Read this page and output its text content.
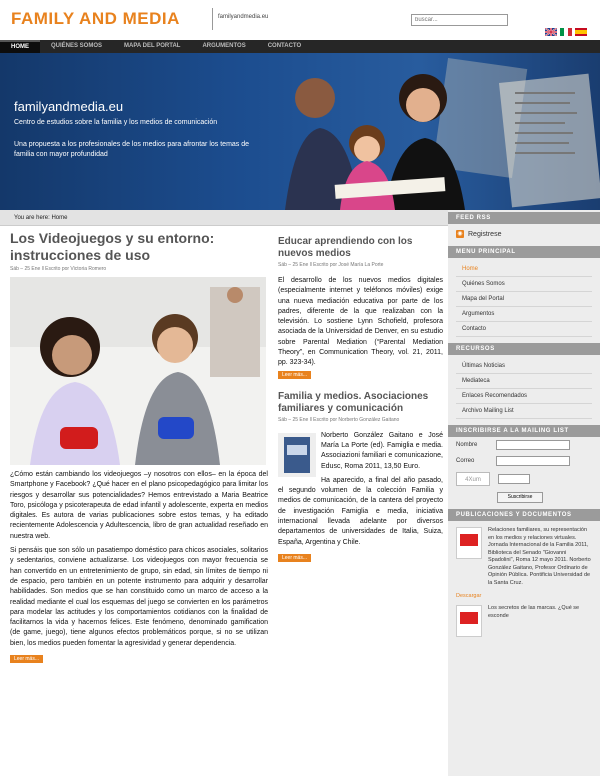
FAMILY AND MEDIA	familyandmedia.eu
buscar...
HOME	QUIÉNES SOMOS	MAPA DEL PORTAL	ARGUMENTOS	CONTACTO
familyandmedia.eu
Centro de estudios sobre la familia y los medios de comunicación
Una propuesta a los profesionales de los medios para afrontar los temas de familia con mayor profundidad
You are here: Home
Los Videojuegos y su entorno: instrucciones de uso
Sáb – 25 Ene ‖ Escrito por Victoria Romero

¿Cómo están cambiando los videojuegos –y nosotros con ellos– en la época del Smartphone y Facebook? ¿Qué hacer en el plano psicopedagógico para limitar los riesgos y desarrollar sus potencialidades? Hemos entrevistado a Maria Beatrice Toro, psicóloga y psicoterapeuta de edad infantil y adolescente, experta en medios digitales. Es autora de varias publicaciones sobre estos temas, y ha editado recientemente Adolescencia y Adultescencia, libro de gran actualidad reseñado en nuestra web.

Si pensáis que son sólo un pasatiempo doméstico para chicos asociales, solitarios y sedentarios, conviene actualizarse. Los videojuegos con mayor frecuencia se han convertido en un entretenimiento de grupo, sin edad, sin límites de tiempo ni de espacio, pero también en un potente instrumento para adquirir y desarrollar habilidades. Son medios que se han constituido como un marco de acceso a la realidad mediante el cual los esquemas del juego se convierten en los parámetros para modelar las actitudes y los comportamientos cotidianos con la finalidad de facilitarnos la vida y hacernos felices. Este fenómeno, denominado gamification (de game, juego), tiene algunos efectos problemáticos porque, si no se utilizan bien, los medios pueden fomentar la agresividad y generar dependencia.

Leer más...
Educar aprendiendo con los nuevos medios
Sáb – 25 Ene ‖ Escrito por José María La Porte
El desarrollo de los nuevos medios digitales (especialmente internet y teléfonos móviles) exige una nueva mediación educativa por parte de los padres, diferente de la que realizaban con la televisión. Lo sostiene Lynn Schofield, profesora asociada de la Universidad de Denver, en su estudio sobre Parental Mediation (“Parental Mediation Theory”, en Communication Theory, vol. 21, 2011, pp. 323-34).
Leer más...
Familia y medios. Asociaciones familiares y comunicación
Sáb – 25 Ene ‖ Escrito por Norberto González Gaitano

Norberto González Gaitano e José María La Porte (ed). Famiglia e media. Associazioni familiari e comunicazione, Edusc, Roma 2011, 13,50 Euro.

Ha aparecido, a final del año pasado, el segundo volumen de la colección Familia y medios de comunicación, de la cantera del proyecto de investigación Famiglia e media, iniciativa internacional llevada adelante por diversos departamentos de universidades de Italia, Suiza, España, Argentina y Chile.

Leer más...
FEED RSS
◉ Registrese
MENU PRINCIPAL
Home
Quiénes Somos
Mapa del Portal
Argumentos
Contacto
RECURSOS
Últimas Noticias
Mediateca
Enlaces Recomendados
Archivo Mailing List
INSCRIBIRSE A LA MAILING LIST
Nombre
Correo
4Xum
Suscribirse
PUBLICACIONES Y DOCUMENTOS
Relaciones familiares, su representación en los medios y relaciones virtuales. Jornada Internacional de la Familia 2011, Biblioteca del Senado "Giovanni Spadolini", Roma 12 mayo 2011. Norberto González Gaitano, Profesor Ordinario de Opinión Pública. Pontificia Universidad de la Santa Cruz.
Descargar
Los secretos de las marcas. ¿Qué se esconde
